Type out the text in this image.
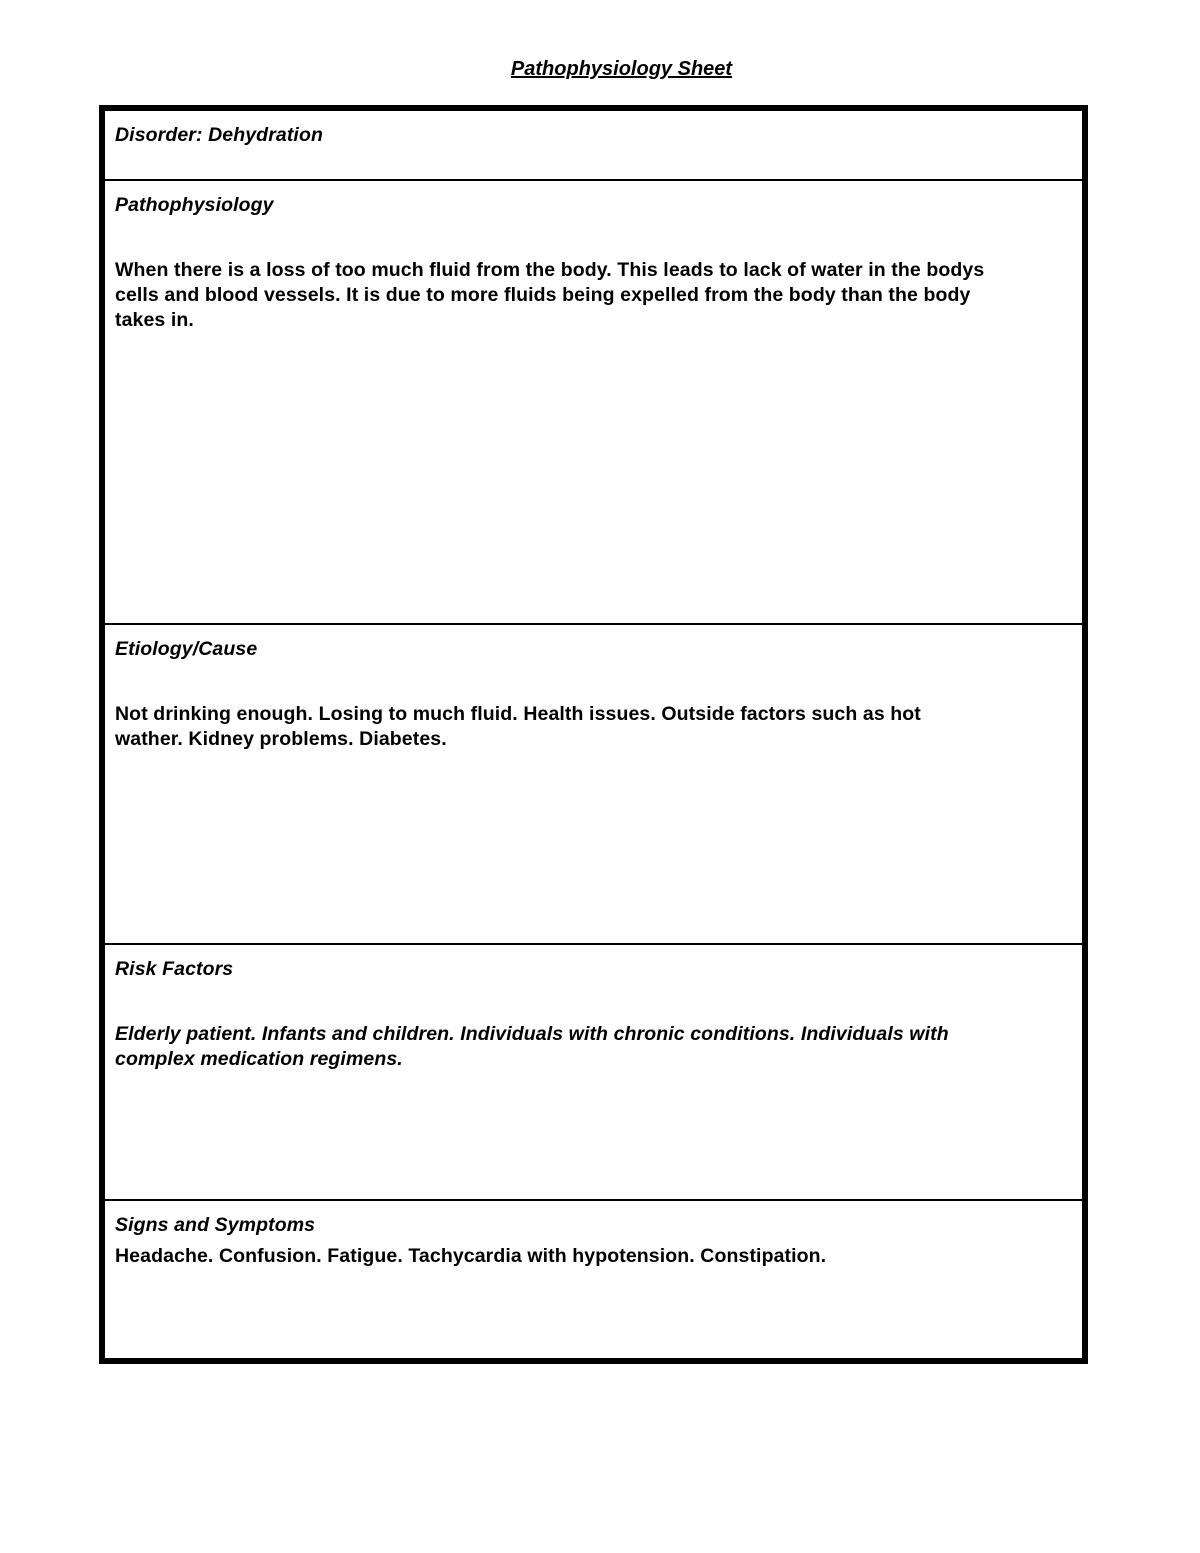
Pathophysiology Sheet

Disorder: Dehydration

Pathophysiology

When there is a loss of too much fluid from the body. This leads to lack of water in the bodys
cells and blood vessels. It is due to more fluids being expelled from the body than the body
takes in.

Etiology/Cause

Not drinking enough. Losing to much fluid. Health issues. Outside factors such as hot
wather. Kidney problems. Diabetes.

Risk Factors

Elderly patient. Infants and children. Individuals with chronic conditions. Individuals with
complex medication regimens.

Signs and Symptoms

Headache. Confusion. Fatigue. Tachycardia with hypotension. Constipation.
